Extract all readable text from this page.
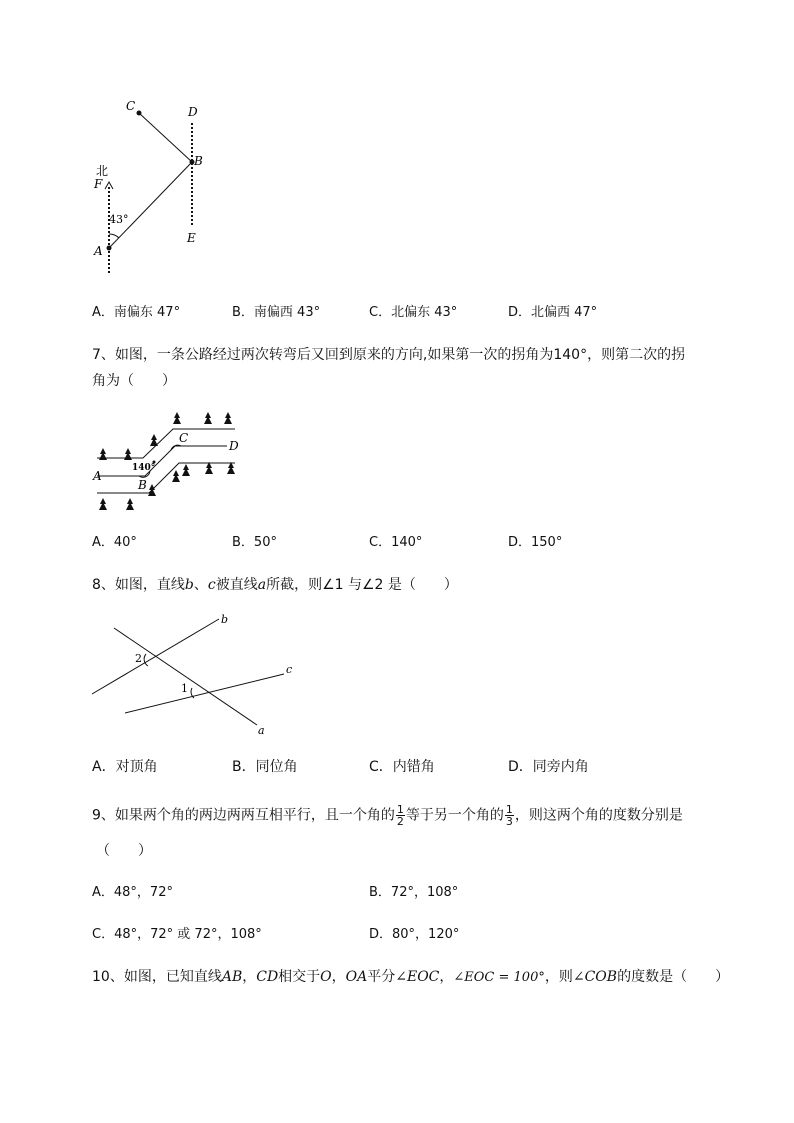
C	D
B
北
F
43°
A
E
A．南偏东 47°	B．南偏西 43°	C．北偏东 43°	D．北偏西 47°
7、如图，一条公路经过两次转弯后又回到原来的方向,如果第一次的拐角为140°，则第二次的拐
角为（　　）
A
B
C
D
140°
A．40°	B．50°	C．140°	D．150°
8、如图，直线b、c被直线a所截，则∠1 与∠2 是（　　）
b
c
a
2
1
A．对顶角	B．同位角	C．内错角	D．同旁内角
9、如果两个角的两边两两互相平行，且一个角的 $\frac{1}{2}$ 等于另一个角的 $\frac{1}{3}$ ，则这两个角的度数分别是
（　　）
A．48°，72°	B．72°，108°
C．48°，72° 或 72°，108°	D．80°，120°
10、如图，已知直线AB，CD相交于O，OA平分∠EOC，∠EOC = 100°，则∠COB的度数是（　　）
